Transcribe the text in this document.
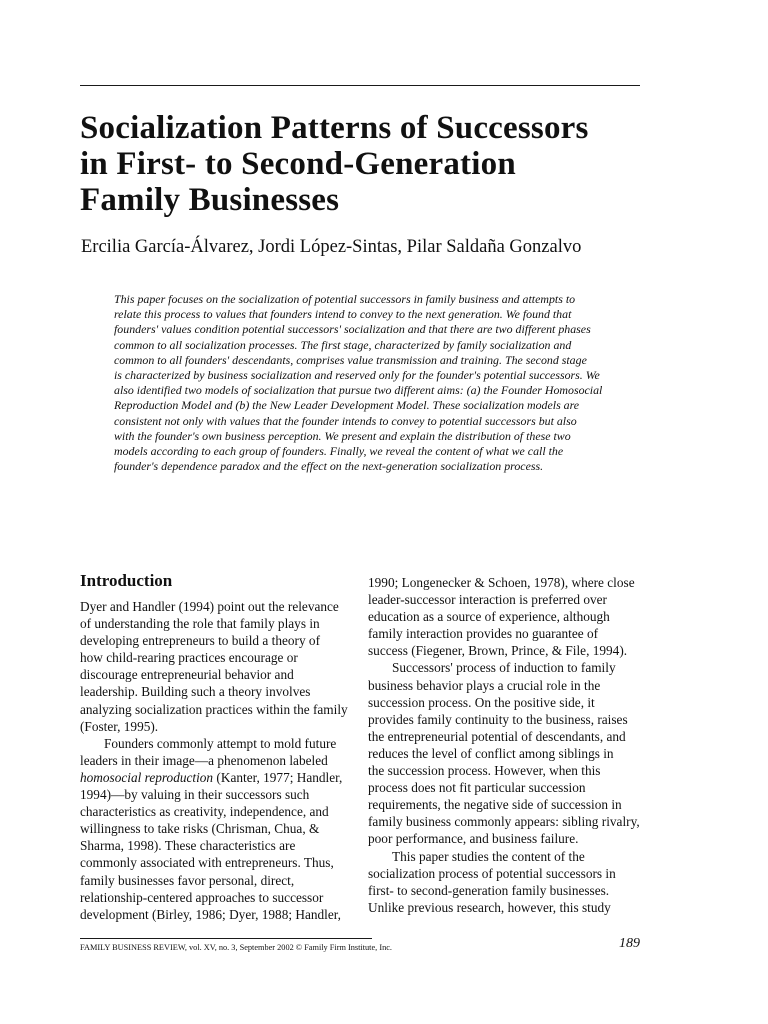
Socialization Patterns of Successors
in First- to Second-Generation
Family Businesses
Ercilia García-Álvarez, Jordi López-Sintas, Pilar Saldaña Gonzalvo

This paper focuses on the socialization of potential successors in family business and attempts to
relate this process to values that founders intend to convey to the next generation. We found that
founders' values condition potential successors' socialization and that there are two different phases
common to all socialization processes. The first stage, characterized by family socialization and
common to all founders' descendants, comprises value transmission and training. The second stage
is characterized by business socialization and reserved only for the founder's potential successors. We
also identified two models of socialization that pursue two different aims: (a) the Founder Homosocial
Reproduction Model and (b) the New Leader Development Model. These socialization models are
consistent not only with values that the founder intends to convey to potential successors but also
with the founder's own business perception. We present and explain the distribution of these two
models according to each group of founders. Finally, we reveal the content of what we call the
founder's dependence paradox and the effect on the next-generation socialization process.

Introduction

Dyer and Handler (1994) point out the relevance
of understanding the role that family plays in
developing entrepreneurs to build a theory of
how child-rearing practices encourage or
discourage entrepreneurial behavior and
leadership. Building such a theory involves
analyzing socialization practices within the family
(Foster, 1995).

Founders commonly attempt to mold future
leaders in their image—a phenomenon labeled
homosocial reproduction (Kanter, 1977; Handler,
1994)—by valuing in their successors such
characteristics as creativity, independence, and
willingness to take risks (Chrisman, Chua, &
Sharma, 1998). These characteristics are
commonly associated with entrepreneurs. Thus,
family businesses favor personal, direct,
relationship-centered approaches to successor
development (Birley, 1986; Dyer, 1988; Handler,

1990; Longenecker & Schoen, 1978), where close
leader-successor interaction is preferred over
education as a source of experience, although
family interaction provides no guarantee of
success (Fiegener, Brown, Prince, & File, 1994).

Successors' process of induction to family
business behavior plays a crucial role in the
succession process. On the positive side, it
provides family continuity to the business, raises
the entrepreneurial potential of descendants, and
reduces the level of conflict among siblings in
the succession process. However, when this
process does not fit particular succession
requirements, the negative side of succession in
family business commonly appears: sibling rivalry,
poor performance, and business failure.

This paper studies the content of the
socialization process of potential successors in
first- to second-generation family businesses.
Unlike previous research, however, this study

FAMILY BUSINESS REVIEW, vol. XV, no. 3, September 2002 © Family Firm Institute, Inc.	189
